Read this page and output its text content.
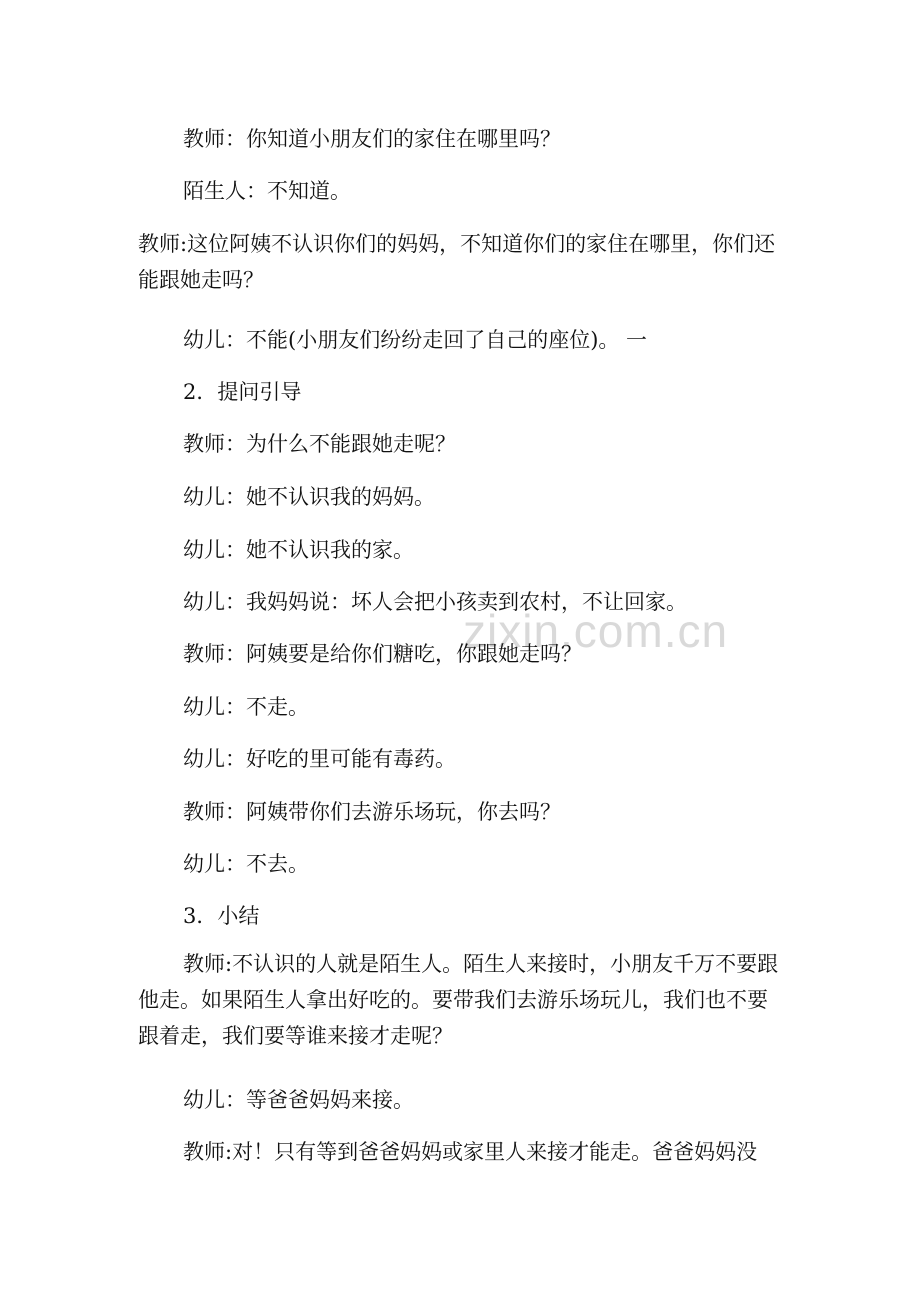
zixin.com.cn

教师：你知道小朋友们的家住在哪里吗？

陌生人：不知道。

教师:这位阿姨不认识你们的妈妈，不知道你们的家住在哪里，你们还能跟她走吗？

幼儿：不能(小朋友们纷纷走回了自己的座位)。 一

2．提问引导

教师：为什么不能跟她走呢？

幼儿：她不认识我的妈妈。

幼儿：她不认识我的家。

幼儿：我妈妈说：坏人会把小孩卖到农村，不让回家。

教师：阿姨要是给你们糖吃，你跟她走吗？

幼儿：不走。

幼儿：好吃的里可能有毒药。

教师：阿姨带你们去游乐场玩，你去吗？

幼儿：不去。

3．小结

教师:不认识的人就是陌生人。陌生人来接时，小朋友千万不要跟他走。如果陌生人拿出好吃的。要带我们去游乐场玩儿，我们也不要跟着走，我们要等谁来接才走呢？

幼儿：等爸爸妈妈来接。

教师:对！只有等到爸爸妈妈或家里人来接才能走。爸爸妈妈没
